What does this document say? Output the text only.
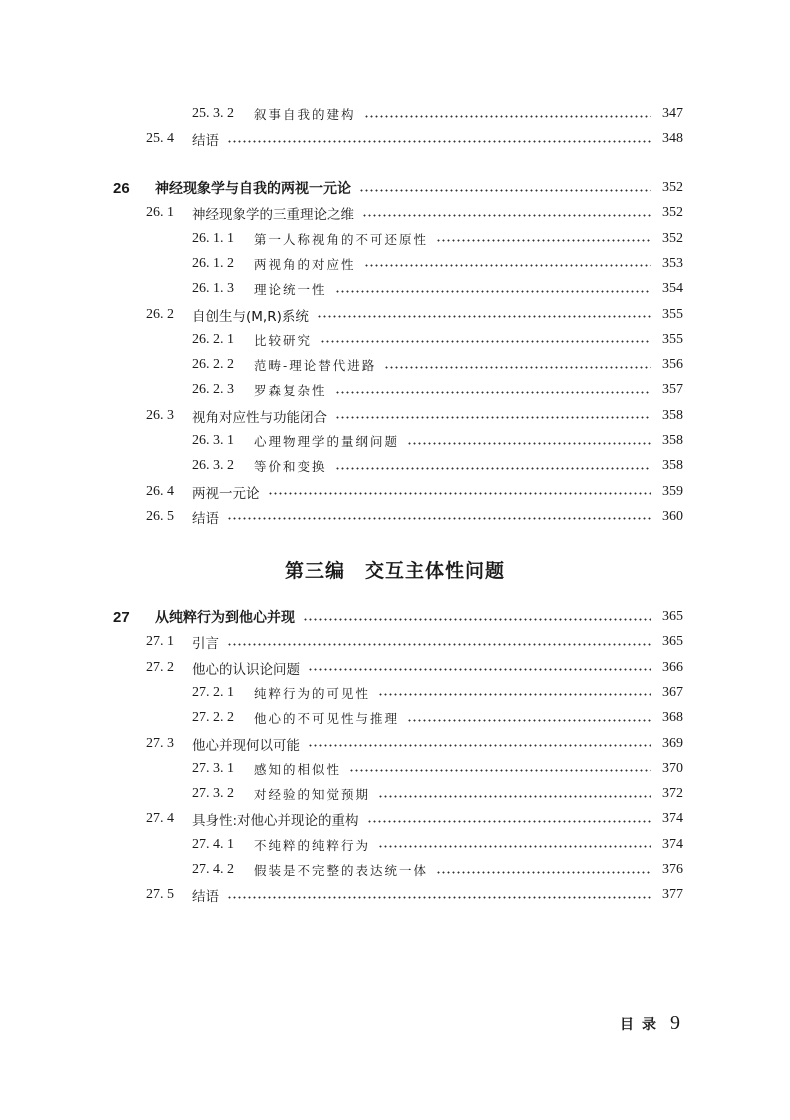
25. 3. 2	叙事自我的建构	347
25. 4	结语	348
26	神经现象学与自我的两视一元论	352
26. 1	神经现象学的三重理论之维	352
26. 1. 1	第一人称视角的不可还原性	352
26. 1. 2	两视角的对应性	353
26. 1. 3	理论统一性	354
26. 2	自创生与(M,R)系统	355
26. 2. 1	比较研究	355
26. 2. 2	范畴-理论替代进路	356
26. 2. 3	罗森复杂性	357
26. 3	视角对应性与功能闭合	358
26. 3. 1	心理物理学的量纲问题	358
26. 3. 2	等价和变换	358
26. 4	两视一元论	359
26. 5	结语	360
第三编　交互主体性问题
27	从纯粹行为到他心并现	365
27. 1	引言	365
27. 2	他心的认识论问题	366
27. 2. 1	纯粹行为的可见性	367
27. 2. 2	他心的不可见性与推理	368
27. 3	他心并现何以可能	369
27. 3. 1	感知的相似性	370
27. 3. 2	对经验的知觉预期	372
27. 4	具身性:对他心并现论的重构	374
27. 4. 1	不纯粹的纯粹行为	374
27. 4. 2	假装是不完整的表达统一体	376
27. 5	结语	377
目录 9
